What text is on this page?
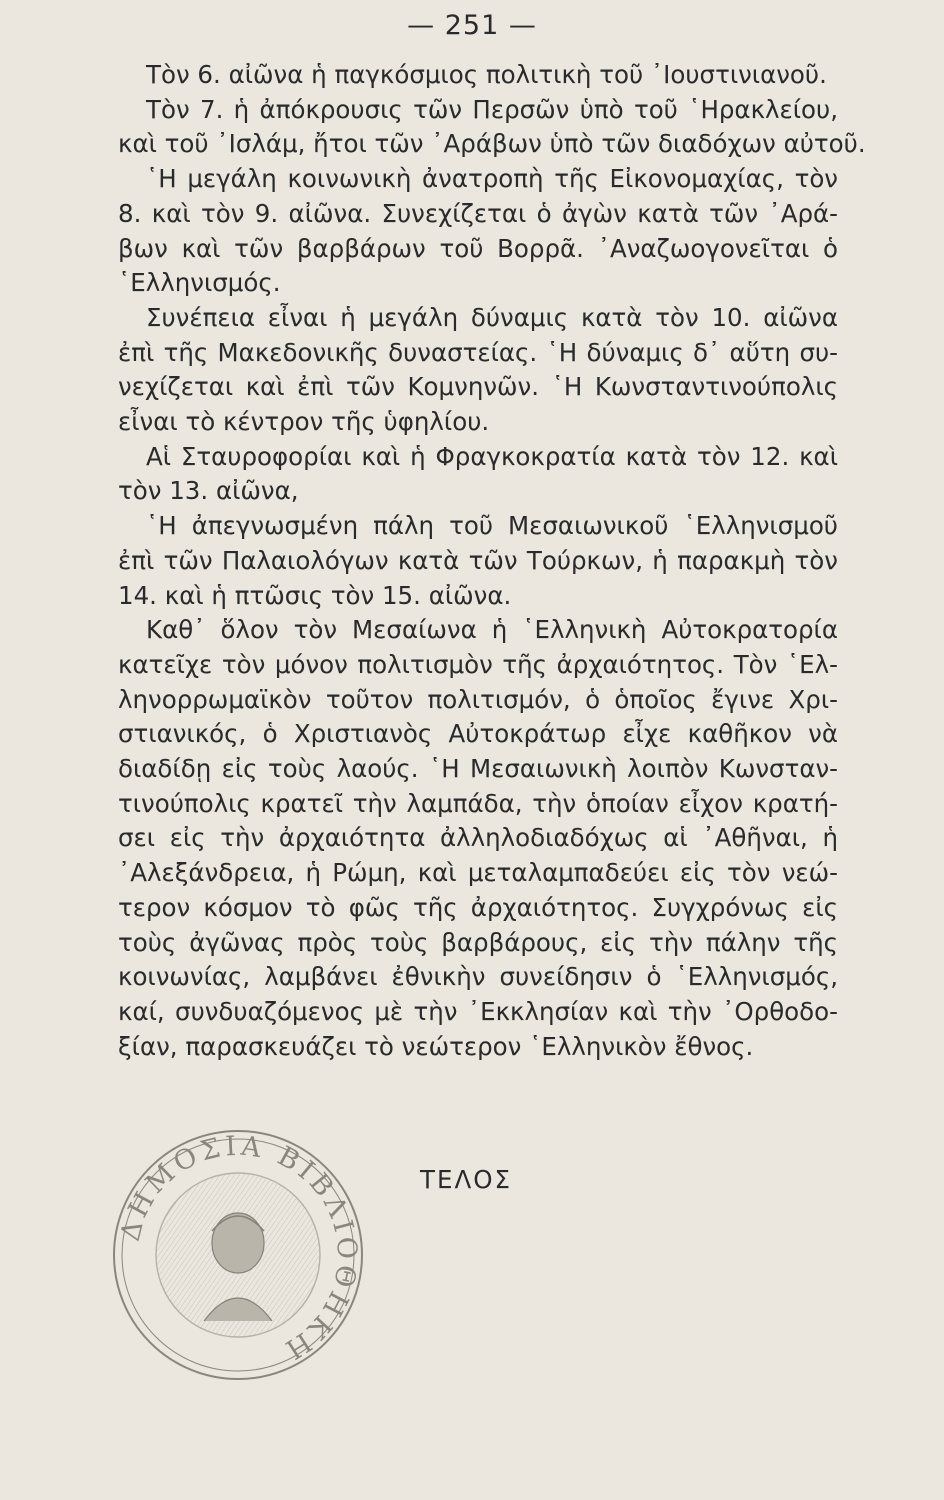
— 251 —
Τὸν 6. αἰῶνα ἡ παγκόσμιος πολιτικὴ τοῦ ᾿Ιουστινιανοῦ.
Τὸν 7. ἡ ἀπόκρουσις τῶν Περσῶν ὑπὸ τοῦ ῾Ηρακλείου,
καὶ τοῦ ᾿Ισλάμ, ἤτοι τῶν ᾿Αράβων ὑπὸ τῶν διαδόχων αὐτοῦ.
῾Η μεγάλη κοινωνικὴ ἀνατροπὴ τῆς Εἰκονομαχίας, τὸν
8. καὶ τὸν 9. αἰῶνα. Συνεχίζεται ὁ ἀγὼν κατὰ τῶν ᾿Αρά-
βων καὶ τῶν βαρβάρων τοῦ Βορρᾶ. ᾿Αναζωογονεῖται ὁ
῾Ελληνισμός.
Συνέπεια εἶναι ἡ μεγάλη δύναμις κατὰ τὸν 10. αἰῶνα
ἐπὶ τῆς Μακεδονικῆς δυναστείας. ῾Η δύναμις δ᾿ αὕτη συ-
νεχίζεται καὶ ἐπὶ τῶν Κομνηνῶν. ῾Η Κωνσταντινούπολις
εἶναι τὸ κέντρον τῆς ὑφηλίου.
Αἱ Σταυροφορίαι καὶ ἡ Φραγκοκρατία κατὰ τὸν 12. καὶ
τὸν 13. αἰῶνα,
῾Η ἀπεγνωσμένη πάλη τοῦ Μεσαιωνικοῦ ῾Ελληνισμοῦ
ἐπὶ τῶν Παλαιολόγων κατὰ τῶν Τούρκων, ἡ παρακμὴ τὸν
14. καὶ ἡ πτῶσις τὸν 15. αἰῶνα.
Καθ᾿ ὅλον τὸν Μεσαίωνα ἡ ῾Ελληνικὴ Αὐτοκρατορία
κατεῖχε τὸν μόνον πολιτισμὸν τῆς ἀρχαιότητος. Τὸν ῾Ελ-
ληνορρωμαϊκὸν τοῦτον πολιτισμόν, ὁ ὁποῖος ἔγινε Χρι-
στιανικός, ὁ Χριστιανὸς Αὐτοκράτωρ εἶχε καθῆκον νὰ
διαδίδῃ εἰς τοὺς λαούς. ῾Η Μεσαιωνικὴ λοιπὸν Κωνσταν-
τινούπολις κρατεῖ τὴν λαμπάδα, τὴν ὁποίαν εἶχον κρατή-
σει εἰς τὴν ἀρχαιότητα ἀλληλοδιαδόχως αἱ ᾿Αθῆναι, ἡ
᾿Αλεξάνδρεια, ἡ Ρώμη, καὶ μεταλαμπαδεύει εἰς τὸν νεώ-
τερον κόσμον τὸ φῶς τῆς ἀρχαιότητος. Συγχρόνως εἰς
τοὺς ἀγῶνας πρὸς τοὺς βαρβάρους, εἰς τὴν πάλην τῆς
κοινωνίας, λαμβάνει ἐθνικὴν συνείδησιν ὁ ῾Ελληνισμός,
καί, συνδυαζόμενος μὲ τὴν ᾿Εκκλησίαν καὶ τὴν ᾿Ορθοδο-
ξίαν, παρασκευάζει τὸ νεώτερον ῾Ελληνικὸν ἔθνος.
ΔΗΜΟΣΙΑ ΒΙΒΛΙΟΘΗΚΗ
ΤΕΛΟΣ
